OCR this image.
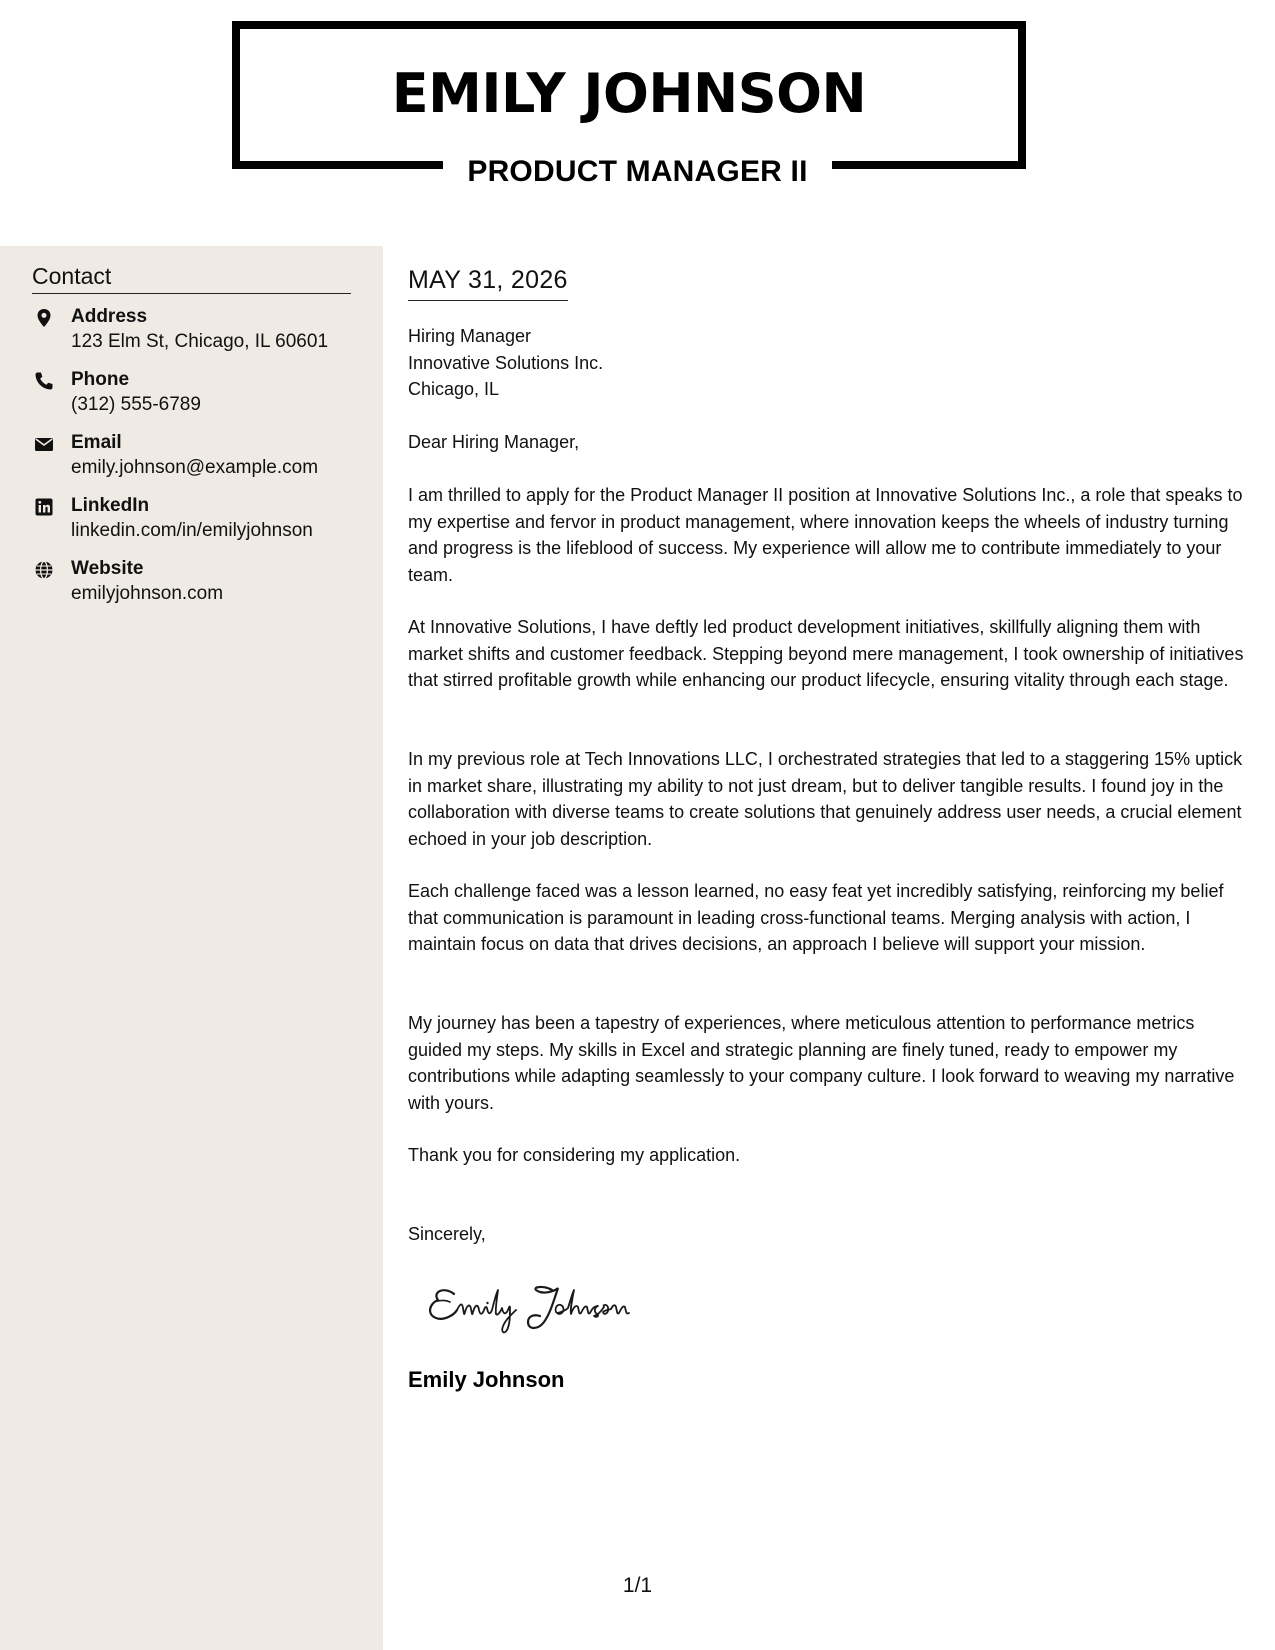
EMILY JOHNSON
PRODUCT MANAGER II
Contact
Address
123 Elm St, Chicago, IL 60601
Phone
(312) 555-6789
Email
emily.johnson@example.com
LinkedIn
linkedin.com/in/emilyjohnson
Website
emilyjohnson.com
MAY 31, 2026
Hiring Manager
Innovative Solutions Inc.
Chicago, IL
Dear Hiring Manager,
I am thrilled to apply for the Product Manager II position at Innovative Solutions Inc., a role that speaks to my expertise and fervor in product management, where innovation keeps the wheels of industry turning and progress is the lifeblood of success. My experience will allow me to contribute immediately to your team.
At Innovative Solutions, I have deftly led product development initiatives, skillfully aligning them with market shifts and customer feedback. Stepping beyond mere management, I took ownership of initiatives that stirred profitable growth while enhancing our product lifecycle, ensuring vitality through each stage.
In my previous role at Tech Innovations LLC, I orchestrated strategies that led to a staggering 15% uptick in market share, illustrating my ability to not just dream, but to deliver tangible results. I found joy in the collaboration with diverse teams to create solutions that genuinely address user needs, a crucial element echoed in your job description.
Each challenge faced was a lesson learned, no easy feat yet incredibly satisfying, reinforcing my belief that communication is paramount in leading cross-functional teams. Merging analysis with action, I maintain focus on data that drives decisions, an approach I believe will support your mission.
My journey has been a tapestry of experiences, where meticulous attention to performance metrics guided my steps. My skills in Excel and strategic planning are finely tuned, ready to empower my contributions while adapting seamlessly to your company culture. I look forward to weaving my narrative with yours.
Thank you for considering my application.
Sincerely,
Emily Johnson
1/1
